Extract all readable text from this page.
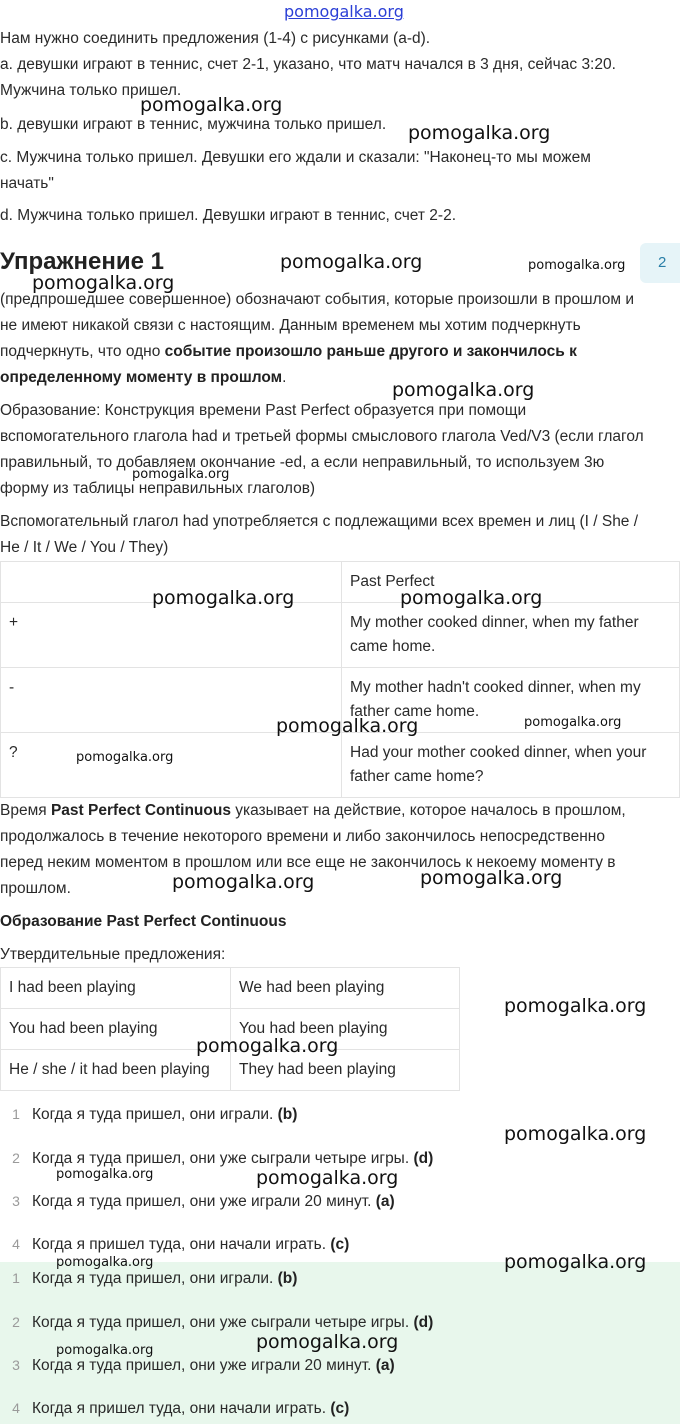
pomogalka.org
pomogalka.org
pomogalka.org
pomogalka.org	pomogalka.org
pomogalka.org
pomogalka.org
pomogalka.org
pomogalka.org	pomogalka.org
pomogalka.org	pomogalka.org
pomogalka.org
pomogalka.org	pomogalka.org
pomogalka.org
pomogalka.org
pomogalka.org
pomogalka.org	pomogalka.org
pomogalka.org	pomogalka.org
pomogalka.org
pomogalka.org
Нам нужно соединить предложения (1-4) с рисунками (a-d).
a. девушки играют в теннис, счет 2-1, указано, что матч начался в 3 дня, сейчас 3:20.
Мужчина только пришел.
b. девушки играют в теннис, мужчина только пришел.
c. Мужчина только пришел. Девушки его ждали и сказали: "Наконец-то мы можем
начать"
d. Мужчина только пришел. Девушки играют в теннис, счет 2-2.
Упражнение 1	2
(предпрошедшее совершенное) обозначают события, которые произошли в прошлом и
не имеют никакой связи с настоящим. Данным временем мы хотим подчеркнуть
подчеркнуть, что одно событие произошло раньше другого и закончилось к
определенному моменту в прошлом.
Образование: Конструкция времени Past Perfect образуется при помощи
вспомогательного глагола had и третьей формы смыслового глагола Ved/V3 (если глагол
правильный, то добавляем окончание -ed, а если неправильный, то используем 3ю
форму из таблицы неправильных глаголов)
Вспомогательный глагол had употребляется с подлежащими всех времен и лиц (I / She /
He / It / We / You / They)
	Past Perfect
+	My mother cooked dinner, when my father came home.
-	My mother hadn't cooked dinner, when my father came home.
?	Had your mother cooked dinner, when your father came home?
Время Past Perfect Continuous указывает на действие, которое началось в прошлом,
продолжалось в течение некоторого времени и либо закончилось непосредственно
перед неким моментом в прошлом или все еще не закончилось к некоему моменту в
прошлом.
Образование Past Perfect Continuous
Утвердительные предложения:
I had been playing	We had been playing
You had been playing	You had been playing
He / she / it had been playing	They had been playing
1 Когда я туда пришел, они играли. (b)
2 Когда я туда пришел, они уже сыграли четыре игры. (d)
3 Когда я туда пришел, они уже играли 20 минут. (a)
4 Когда я пришел туда, они начали играть. (c)
1 Когда я туда пришел, они играли. (b)
2 Когда я туда пришел, они уже сыграли четыре игры. (d)
3 Когда я туда пришел, они уже играли 20 минут. (a)
4 Когда я пришел туда, они начали играть. (c)
